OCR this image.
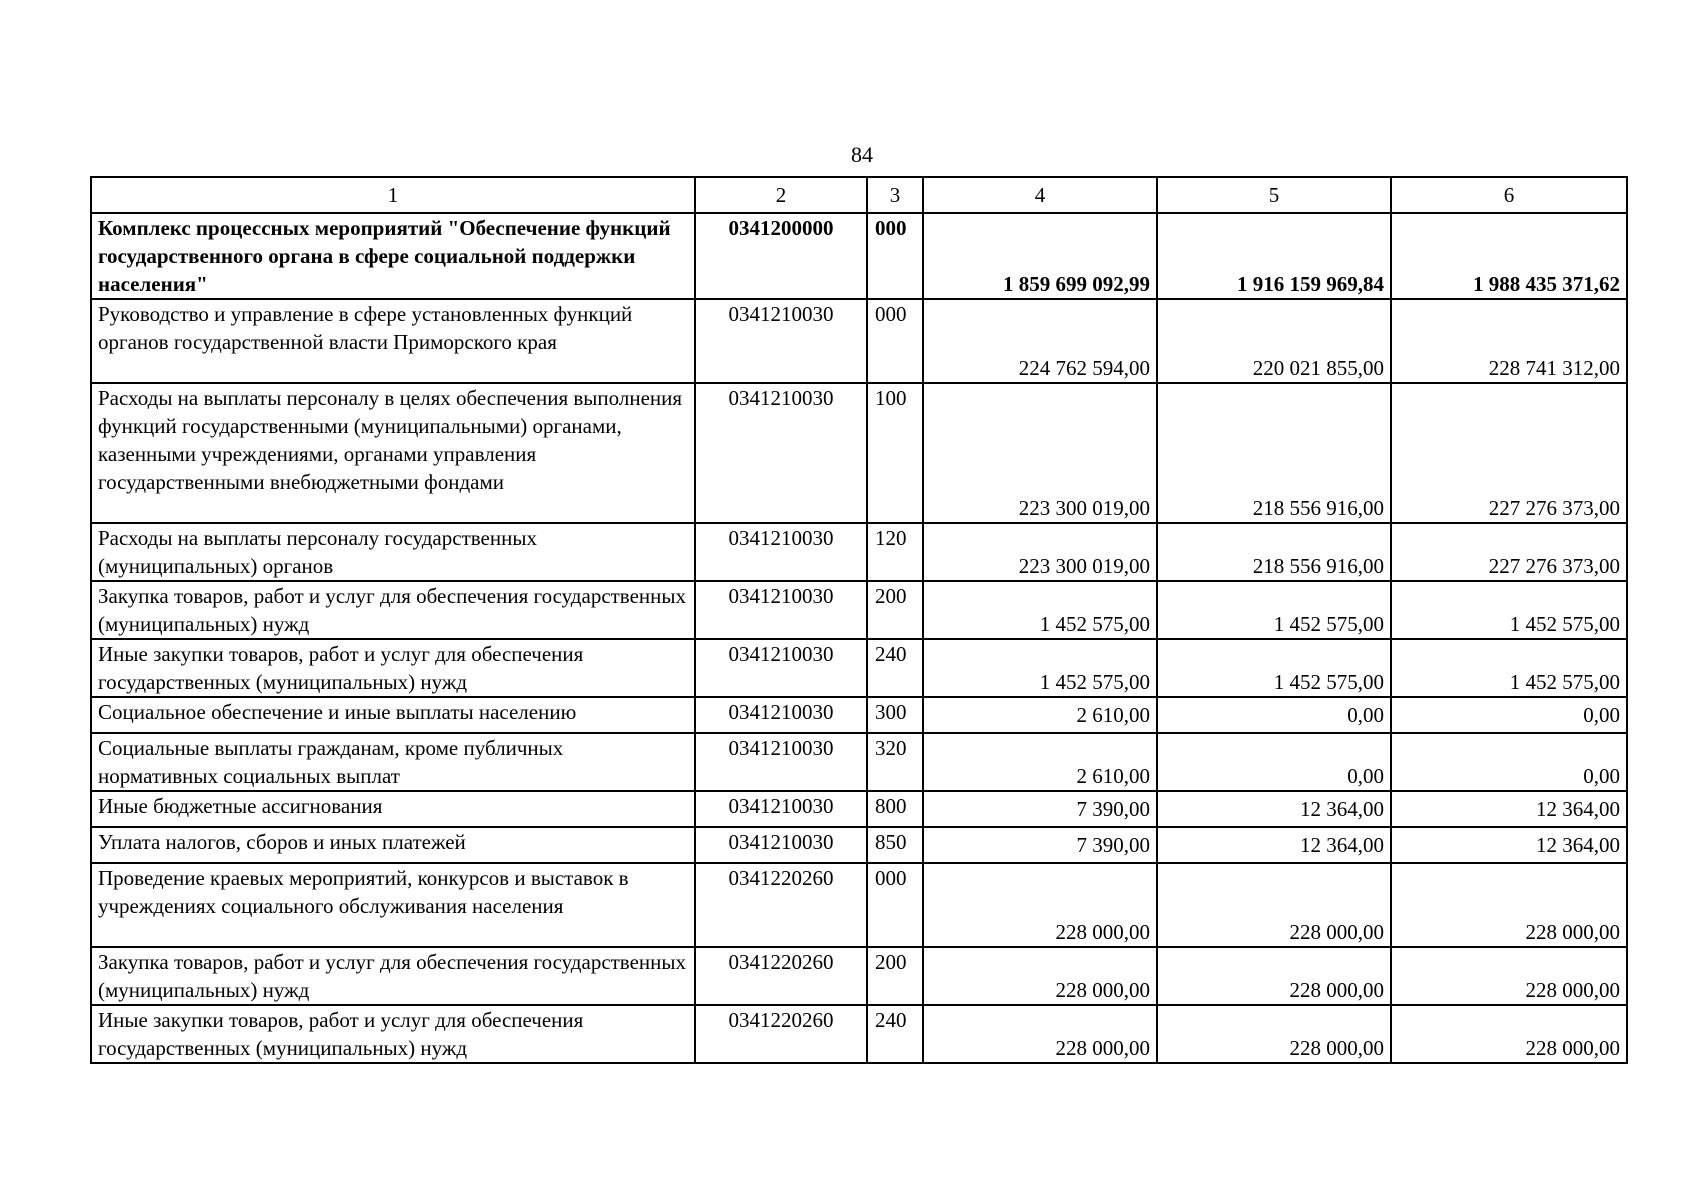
84
1	2	3	4	5	6
Комплекс процессных мероприятий "Обеспечение функций государственного органа в сфере социальной поддержки населения"	0341200000	000	1 859 699 092,99	1 916 159 969,84	1 988 435 371,62
Руководство и управление в сфере установленных функций органов государственной власти Приморского края	0341210030	000	224 762 594,00	220 021 855,00	228 741 312,00
Расходы на выплаты персоналу в целях обеспечения выполнения функций государственными (муниципальными) органами, казенными учреждениями, органами управления государственными внебюджетными фондами	0341210030	100	223 300 019,00	218 556 916,00	227 276 373,00
Расходы на выплаты персоналу государственных (муниципальных) органов	0341210030	120	223 300 019,00	218 556 916,00	227 276 373,00
Закупка товаров, работ и услуг для обеспечения государственных (муниципальных) нужд	0341210030	200	1 452 575,00	1 452 575,00	1 452 575,00
Иные закупки товаров, работ и услуг для обеспечения государственных (муниципальных) нужд	0341210030	240	1 452 575,00	1 452 575,00	1 452 575,00
Социальное обеспечение и иные выплаты населению	0341210030	300	2 610,00	0,00	0,00
Социальные выплаты гражданам, кроме публичных нормативных социальных выплат	0341210030	320	2 610,00	0,00	0,00
Иные бюджетные ассигнования	0341210030	800	7 390,00	12 364,00	12 364,00
Уплата налогов, сборов и иных платежей	0341210030	850	7 390,00	12 364,00	12 364,00
Проведение краевых мероприятий, конкурсов и выставок в учреждениях социального обслуживания населения	0341220260	000	228 000,00	228 000,00	228 000,00
Закупка товаров, работ и услуг для обеспечения государственных (муниципальных) нужд	0341220260	200	228 000,00	228 000,00	228 000,00
Иные закупки товаров, работ и услуг для обеспечения государственных (муниципальных) нужд	0341220260	240	228 000,00	228 000,00	228 000,00
